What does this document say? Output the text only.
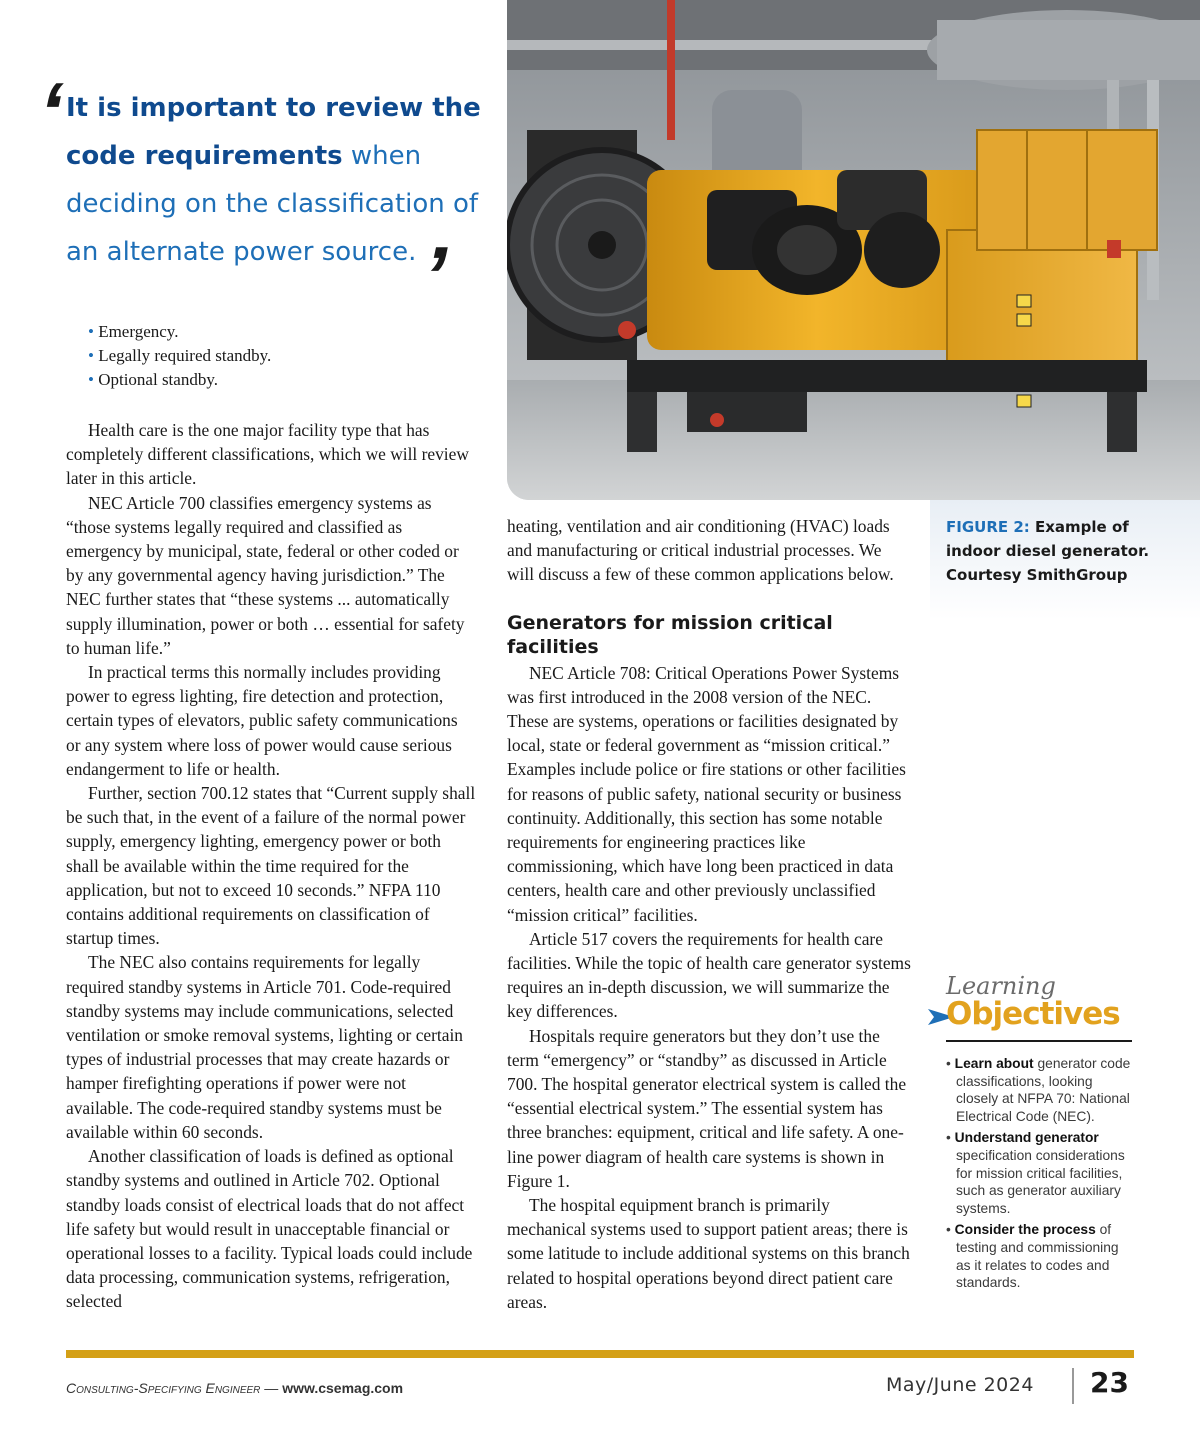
‘
It is important to review the code requirements when deciding on the classification of an alternate power source.
’
• Emergency.
• Legally required standby.
• Optional standby.

Health care is the one major facility type that has completely different classifications, which we will review later in this article.

NEC Article 700 classifies emergency systems as “those systems legally required and classified as emergency by municipal, state, federal or other coded or by any governmental agency having jurisdiction.” The NEC further states that “these systems ... automatically supply illumination, power or both … essential for safety to human life.”

In practical terms this normally includes providing power to egress lighting, fire detection and protection, certain types of elevators, public safety communications or any system where loss of power would cause serious endangerment to life or health.

Further, section 700.12 states that “Current supply shall be such that, in the event of a failure of the normal power supply, emergency lighting, emergency power or both shall be available within the time required for the application, but not to exceed 10 seconds.” NFPA 110 contains additional requirements on classification of startup times.

The NEC also contains requirements for legally required standby systems in Article 701. Code-required standby systems may include communications, selected ventilation or smoke removal systems, lighting or certain types of industrial processes that may create hazards or hamper firefighting operations if power were not available. The code-required standby systems must be available within 60 seconds.

Another classification of loads is defined as optional standby systems and outlined in Article 702. Optional standby loads consist of electrical loads that do not affect life safety but would result in unacceptable financial or operational losses to a facility. Typical loads could include data processing, communication systems, refrigeration, selected

FIGURE 2: Example of indoor diesel generator. Courtesy SmithGroup

heating, ventilation and air conditioning (HVAC) loads and manufacturing or critical industrial processes. We will discuss a few of these common applications below.

Generators for mission critical facilities

NEC Article 708: Critical Operations Power Systems was first introduced in the 2008 version of the NEC. These are systems, operations or facilities designated by local, state or federal government as “mission critical.” Examples include police or fire stations or other facilities for reasons of public safety, national security or business continuity. Additionally, this section has some notable requirements for engineering practices like commissioning, which have long been practiced in data centers, health care and other previously unclassified “mission critical” facilities.

Article 517 covers the requirements for health care facilities. While the topic of health care generator systems requires an in-depth discussion, we will summarize the key differences.

Hospitals require generators but they don’t use the term “emergency” or “standby” as discussed in Article 700. The hospital generator electrical system is called the “essential electrical system.” The essential system has three branches: equipment, critical and life safety. A one-line power diagram of health care systems is shown in Figure 1.

The hospital equipment branch is primarily mechanical systems used to support patient areas; there is some latitude to include additional systems on this branch related to hospital operations beyond direct patient care areas.

Learning
Objectives
• Learn about generator code classifications, looking closely at NFPA 70: National Electrical Code (NEC).
• Understand generator specification considerations for mission critical facilities, such as generator auxiliary systems.
• Consider the process of testing and commissioning as it relates to codes and standards.
Consulting-Specifying Engineer — www.csemag.com	May/June 2024 23
